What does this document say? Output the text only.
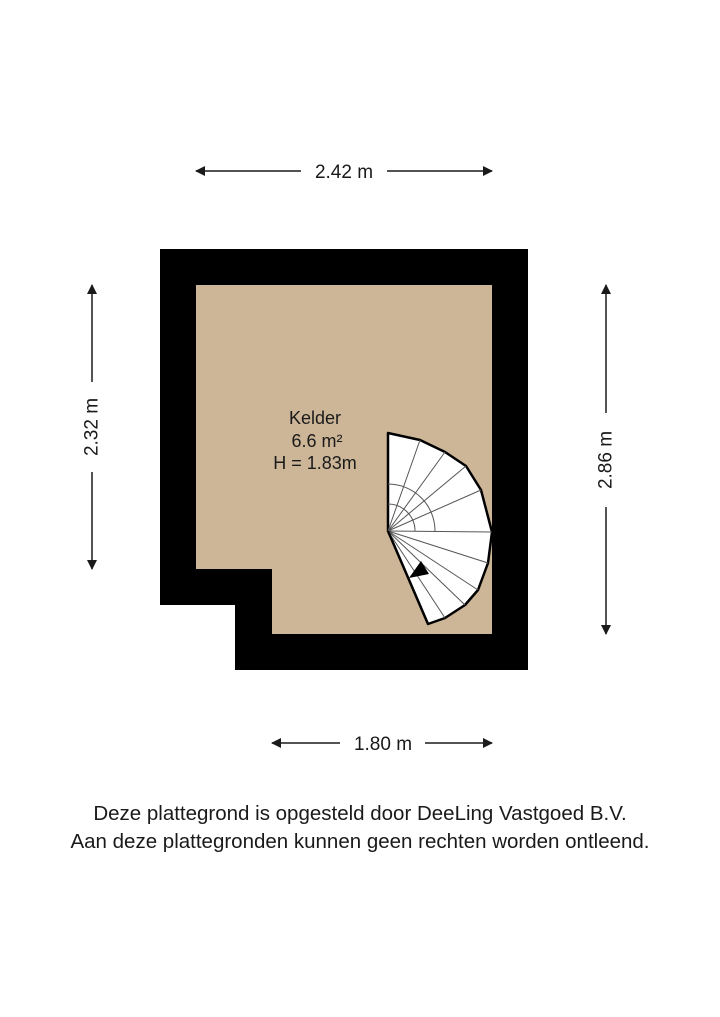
Kelder
6.6 m²
H = 1.83m
2.42 m
1.80 m
2.32 m
2.86 m
Deze plattegrond is opgesteld door DeeLing Vastgoed B.V.
Aan deze plattegronden kunnen geen rechten worden ontleend.
